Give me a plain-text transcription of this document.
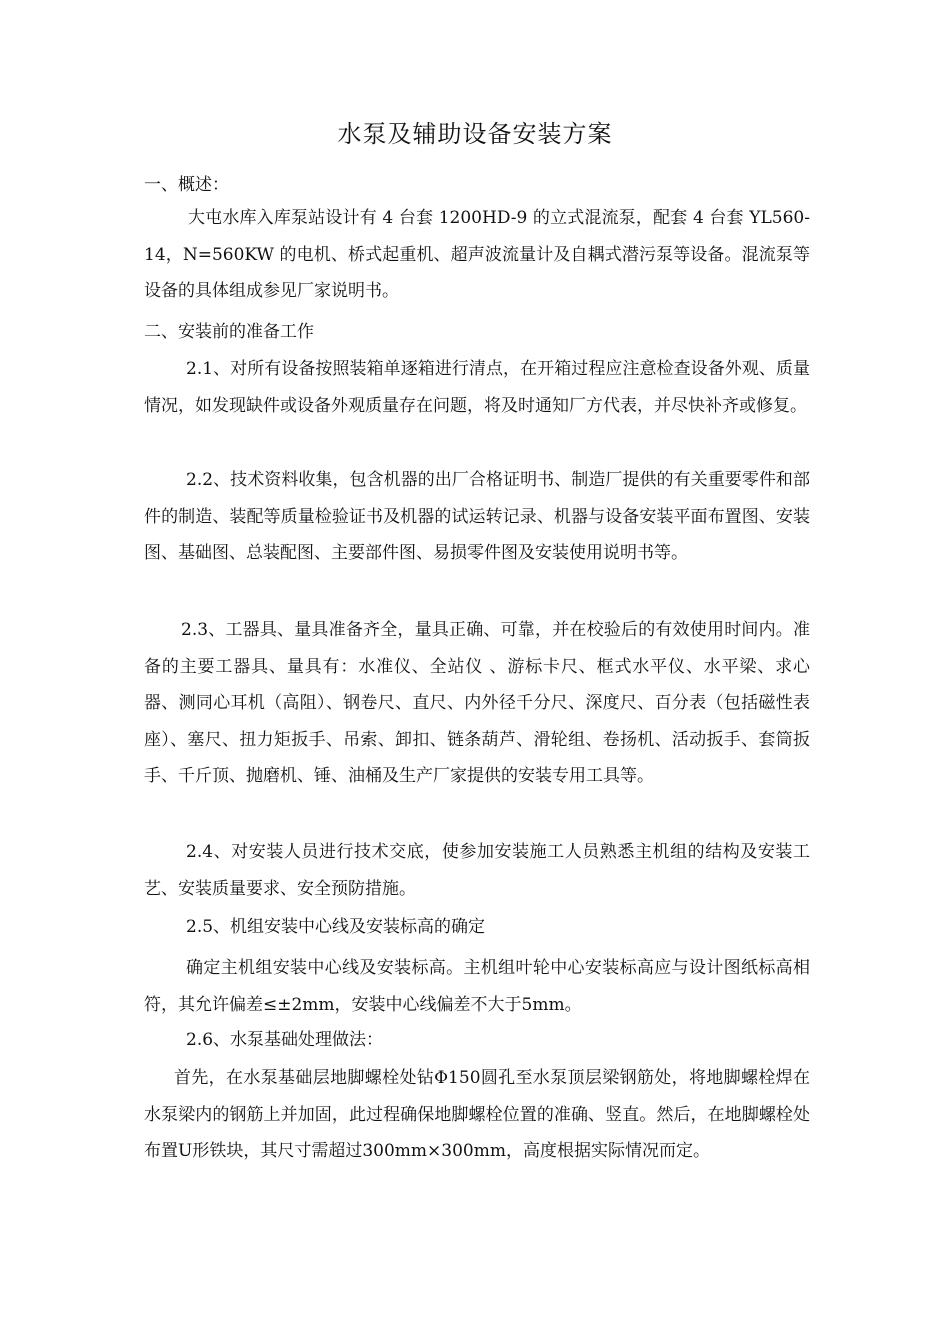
水泵及辅助设备安装方案
一、概述：

大屯水库入库泵站设计有 4 台套 1200HD-9 的立式混流泵，配套 4 台套 YL560-14，N=560KW 的电机、桥式起重机、超声波流量计及自耦式潜污泵等设备。混流泵等设备的具体组成参见厂家说明书。

二、安装前的准备工作

2.1、对所有设备按照装箱单逐箱进行清点，在开箱过程应注意检查设备外观、质量情况，如发现缺件或设备外观质量存在问题，将及时通知厂方代表，并尽快补齐或修复。

2.2、技术资料收集，包含机器的出厂合格证明书、制造厂提供的有关重要零件和部件的制造、装配等质量检验证书及机器的试运转记录、机器与设备安装平面布置图、安装图、基础图、总装配图、主要部件图、易损零件图及安装使用说明书等。

2.3、工器具、量具准备齐全，量具正确、可靠，并在校验后的有效使用时间内。准备的主要工器具、量具有：水准仪、全站仪 、游标卡尺、框式水平仪、水平梁、求心器、测同心耳机（高阻）、钢卷尺、直尺、内外径千分尺、深度尺、百分表（包括磁性表座）、塞尺、扭力矩扳手、吊索、卸扣、链条葫芦、滑轮组、卷扬机、活动扳手、套筒扳手、千斤顶、抛磨机、锤、油桶及生产厂家提供的安装专用工具等。

2.4、对安装人员进行技术交底，使参加安装施工人员熟悉主机组的结构及安装工艺、安装质量要求、安全预防措施。

2.5、机组安装中心线及安装标高的确定

确定主机组安装中心线及安装标高。主机组叶轮中心安装标高应与设计图纸标高相符，其允许偏差≤±2mm，安装中心线偏差不大于5mm。

2.6、水泵基础处理做法：

首先，在水泵基础层地脚螺栓处钻Φ150圆孔至水泵顶层梁钢筋处，将地脚螺栓焊在水泵梁内的钢筋上并加固，此过程确保地脚螺栓位置的准确、竖直。然后，在地脚螺栓处布置U形铁块，其尺寸需超过300mm×300mm，高度根据实际情况而定。
